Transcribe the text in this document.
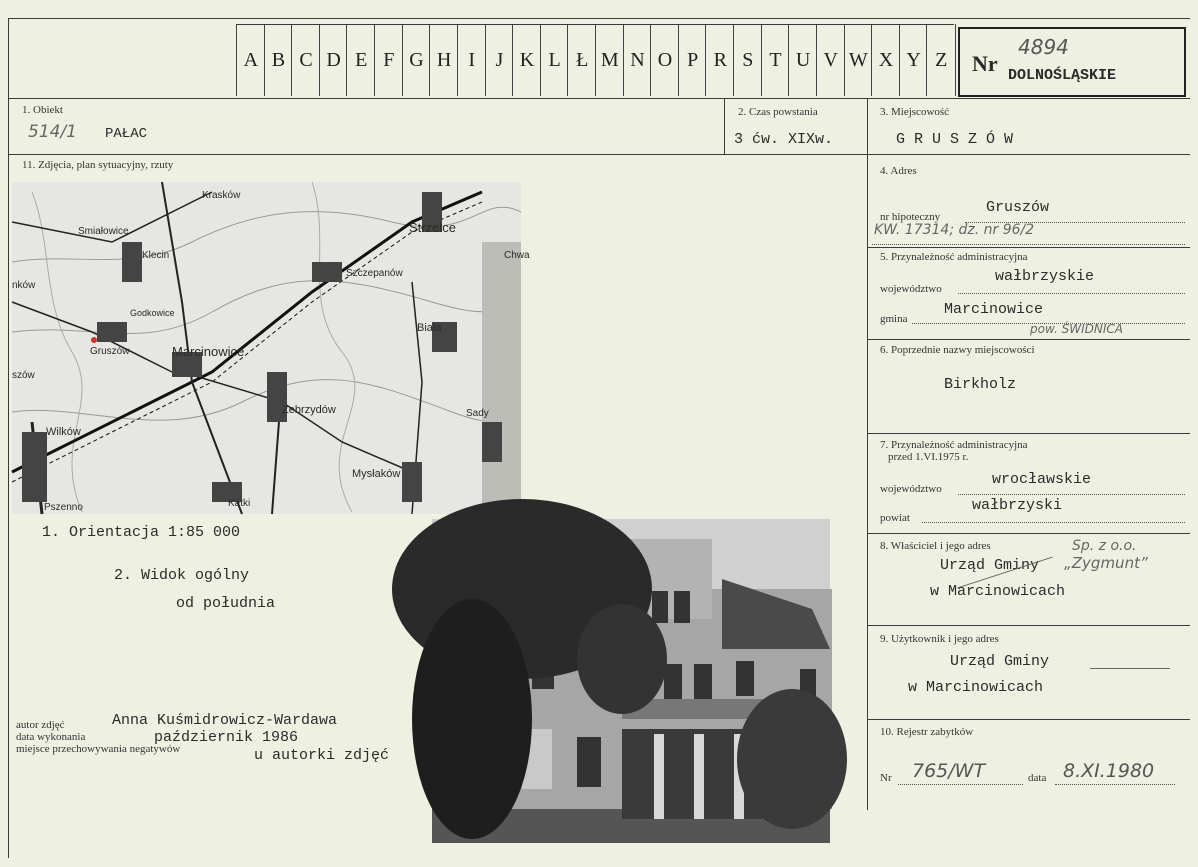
A B C D E F G H I	J K L Ł M N O P R S T U V W X Y Z	Nr
4894
DOLNOŚLĄSKIE
1. Obiekt
514/1 PAŁAC
2. Czas powstania
3 ćw. XIXw.
3. Miejscowość
G R U S Z Ó W
11. Zdjęcia, plan sytuacyjny, rzuty
Krasków
Smiałowice
Klecin
Strzelce
Szczepanów
Chwa
nków
Godkowice
Gruszów	Marcinowice
Biała
szów
Zebrzydów
Wilków
Sady
Mysłaków
Pszenno	Kątki
1. Orientacja 1:85 000
2. Widok ogólny
od południa
autor zdjęć
data wykonania
miejsce przechowywania negatywów
Anna Kuśmidrowicz-Wardawa
październik 1986
u autorki zdjęć
4. Adres
nr hipoteczny
Gruszów
KW. 17314; dz. nr 96/2
5. Przynależność administracyjna
województwo
wałbrzyskie
gmina
Marcinowice
pow. ŚWIDNICA
6. Poprzednie nazwy miejscowości
Birkholz
7. Przynależność administracyjna
przed 1.VI.1975 r.
województwo
wrocławskie
powiat
wałbrzyski
8. Właściciel i jego adres
Urząd Gminy
w Marcinowicach
Sp. z o.o.
„Zygmunt”
9. Użytkownik i jego adres
Urząd Gminy
w Marcinowicach
10. Rejestr zabytków
Nr 765/WT	data 8.XI.1980
